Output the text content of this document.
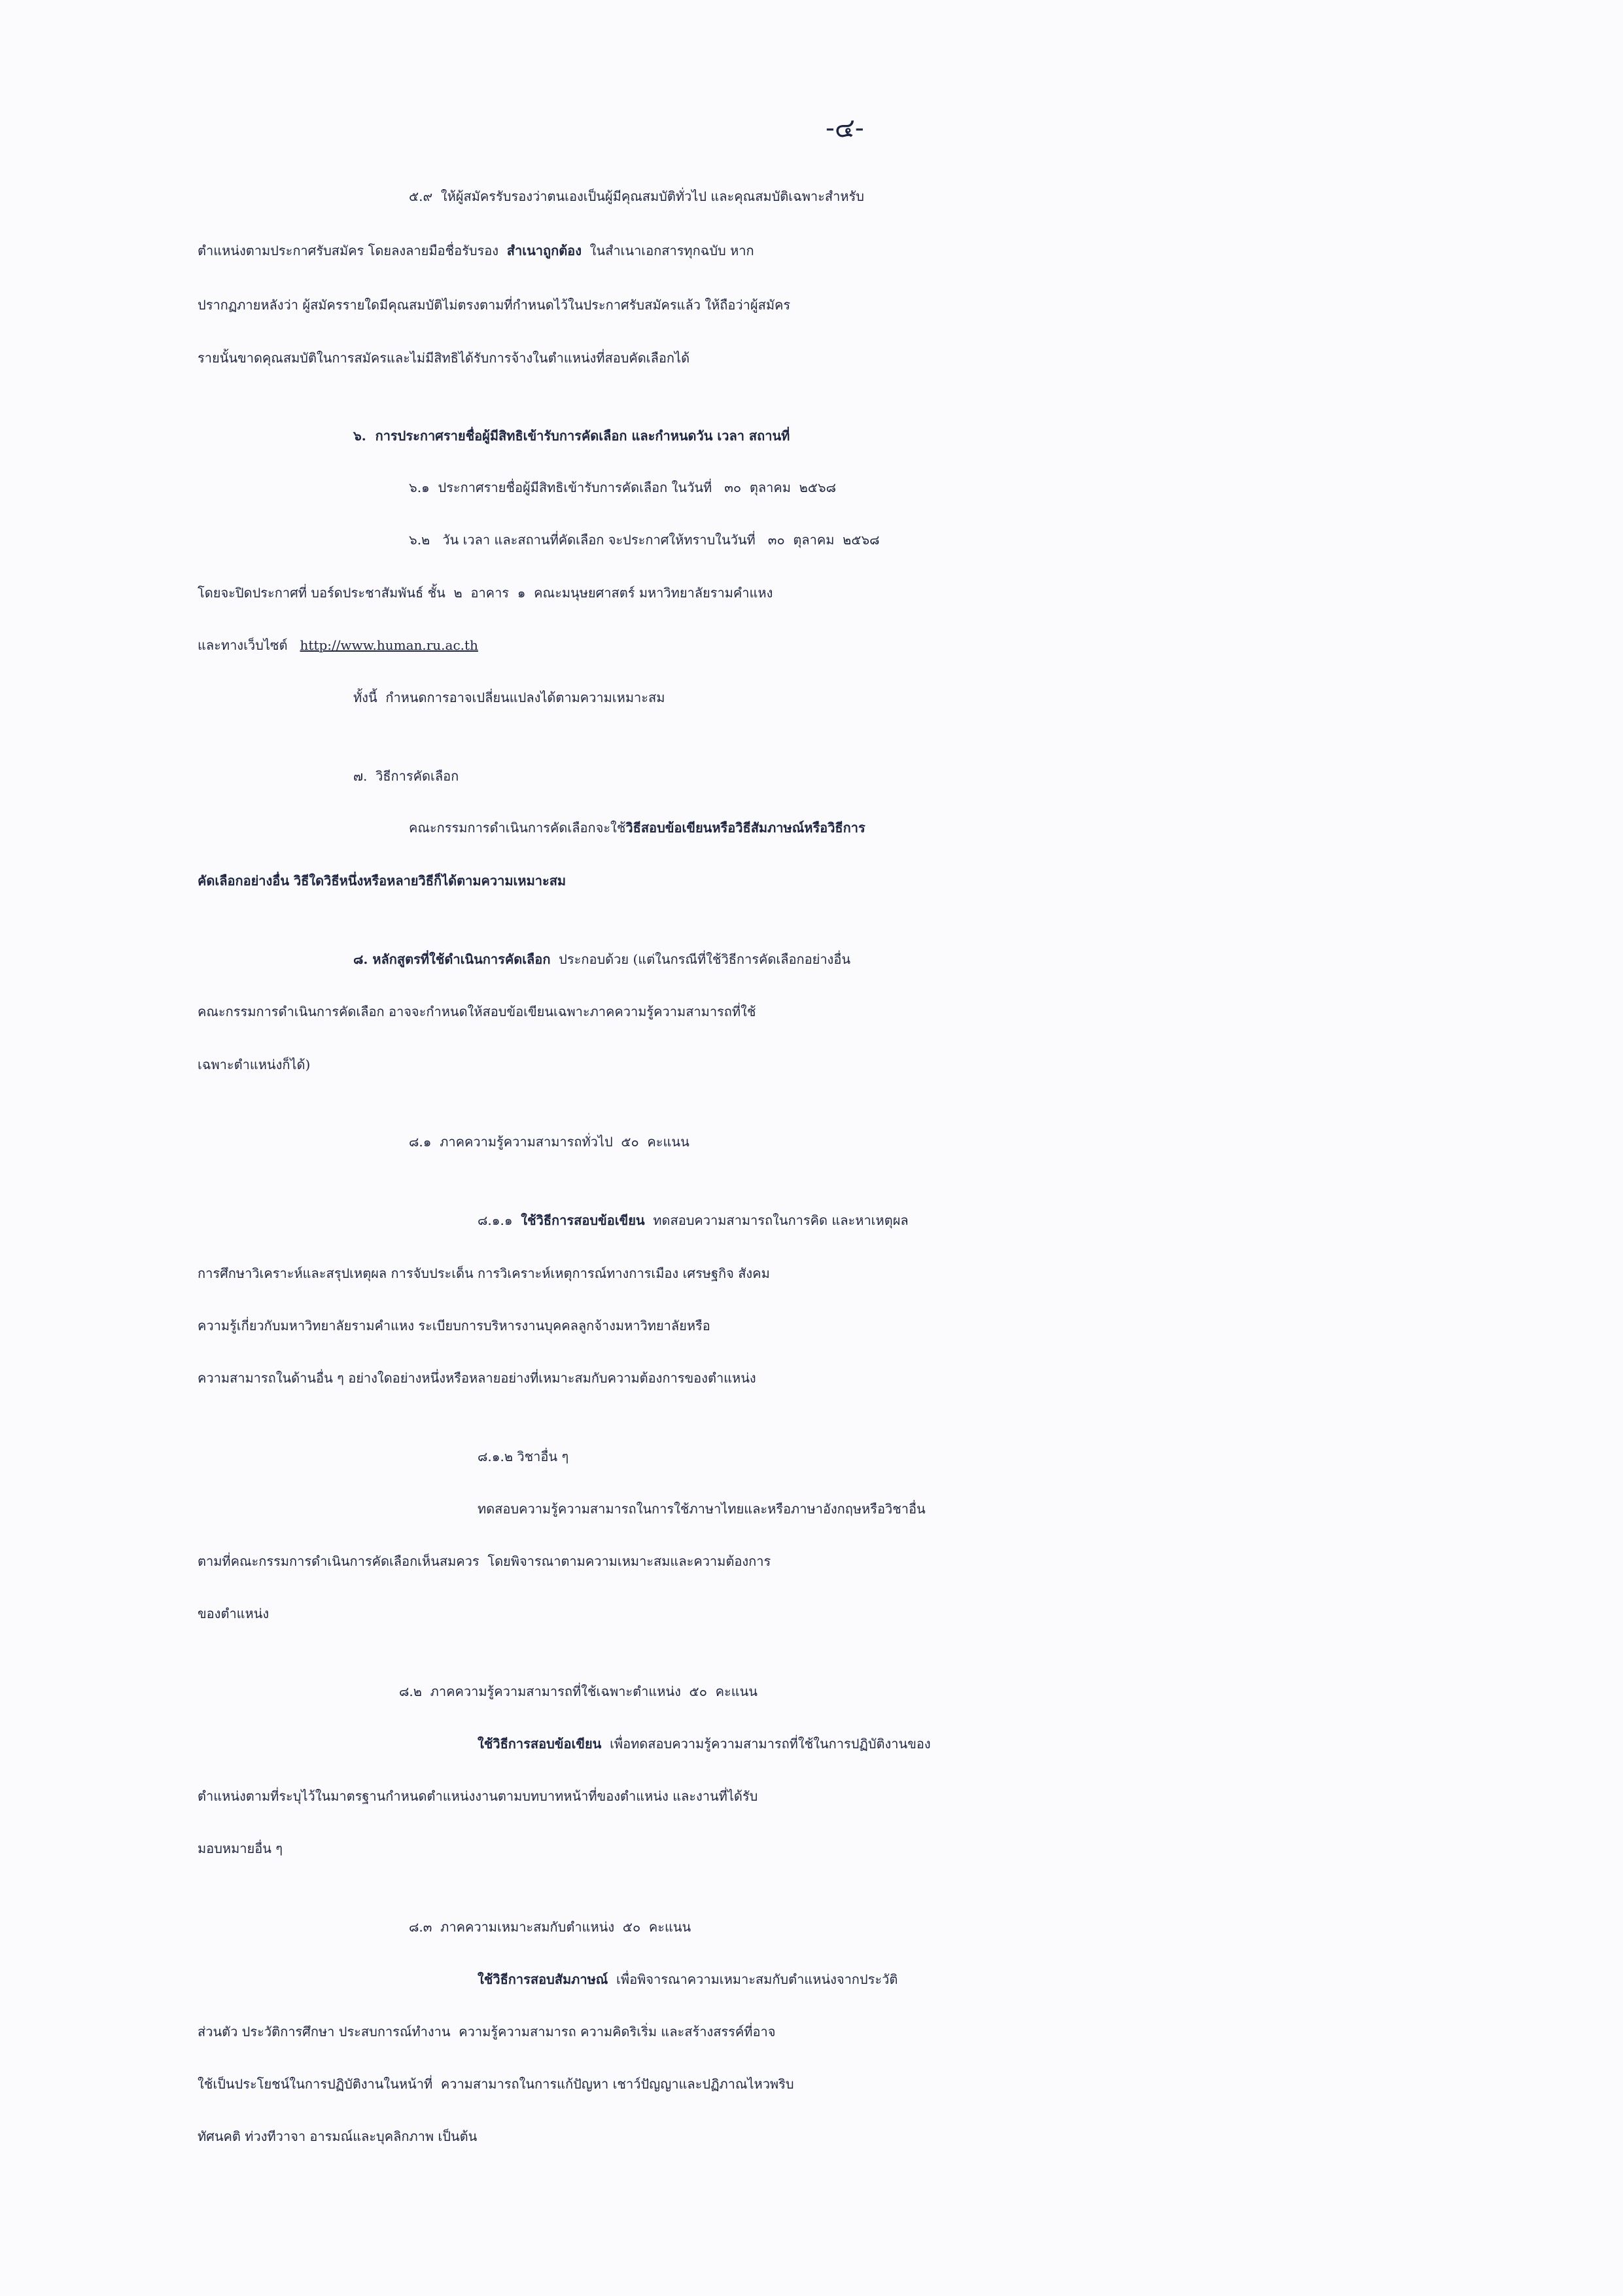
-๔-
๕.๙  ให้ผู้สมัครรับรองว่าตนเองเป็นผู้มีคุณสมบัติทั่วไป และคุณสมบัติเฉพาะสำหรับ
ตำแหน่งตามประกาศรับสมัคร โดยลงลายมือชื่อรับรอง  สำเนาถูกต้อง  ในสำเนาเอกสารทุกฉบับ หาก
ปรากฏภายหลังว่า ผู้สมัครรายใดมีคุณสมบัติไม่ตรงตามที่กำหนดไว้ในประกาศรับสมัครแล้ว ให้ถือว่าผู้สมัคร
รายนั้นขาดคุณสมบัติในการสมัครและไม่มีสิทธิได้รับการจ้างในตำแหน่งที่สอบคัดเลือกได้
๖.  การประกาศรายชื่อผู้มีสิทธิเข้ารับการคัดเลือก และกำหนดวัน เวลา สถานที่
๖.๑  ประกาศรายชื่อผู้มีสิทธิเข้ารับการคัดเลือก ในวันที่   ๓๐  ตุลาคม  ๒๕๖๘
๖.๒   วัน เวลา และสถานที่คัดเลือก จะประกาศให้ทราบในวันที่   ๓๐  ตุลาคม  ๒๕๖๘
โดยจะปิดประกาศที่ บอร์ดประชาสัมพันธ์ ชั้น  ๒  อาคาร  ๑  คณะมนุษยศาสตร์ มหาวิทยาลัยรามคำแหง
และทางเว็บไซต์   http://www.human.ru.ac.th
ทั้งนี้  กำหนดการอาจเปลี่ยนแปลงได้ตามความเหมาะสม
๗.  วิธีการคัดเลือก
คณะกรรมการดำเนินการคัดเลือกจะใช้วิธีสอบข้อเขียนหรือวิธีสัมภาษณ์หรือวิธีการ
คัดเลือกอย่างอื่น วิธีใดวิธีหนึ่งหรือหลายวิธีก็ได้ตามความเหมาะสม
๘. หลักสูตรที่ใช้ดำเนินการคัดเลือก  ประกอบด้วย (แต่ในกรณีที่ใช้วิธีการคัดเลือกอย่างอื่น
คณะกรรมการดำเนินการคัดเลือก อาจจะกำหนดให้สอบข้อเขียนเฉพาะภาคความรู้ความสามารถที่ใช้
เฉพาะตำแหน่งก็ได้)
๘.๑  ภาคความรู้ความสามารถทั่วไป  ๕๐  คะแนน
๘.๑.๑  ใช้วิธีการสอบข้อเขียน  ทดสอบความสามารถในการคิด และหาเหตุผล
การศึกษาวิเคราะห์และสรุปเหตุผล การจับประเด็น การวิเคราะห์เหตุการณ์ทางการเมือง เศรษฐกิจ สังคม
ความรู้เกี่ยวกับมหาวิทยาลัยรามคำแหง ระเบียบการบริหารงานบุคคลลูกจ้างมหาวิทยาลัยหรือ
ความสามารถในด้านอื่น ๆ อย่างใดอย่างหนึ่งหรือหลายอย่างที่เหมาะสมกับความต้องการของตำแหน่ง
๘.๑.๒ วิชาอื่น ๆ
ทดสอบความรู้ความสามารถในการใช้ภาษาไทยและหรือภาษาอังกฤษหรือวิชาอื่น
ตามที่คณะกรรมการดำเนินการคัดเลือกเห็นสมควร  โดยพิจารณาตามความเหมาะสมและความต้องการ
ของตำแหน่ง
๘.๒  ภาคความรู้ความสามารถที่ใช้เฉพาะตำแหน่ง  ๕๐  คะแนน
ใช้วิธีการสอบข้อเขียน  เพื่อทดสอบความรู้ความสามารถที่ใช้ในการปฏิบัติงานของ
ตำแหน่งตามที่ระบุไว้ในมาตรฐานกำหนดตำแหน่งงานตามบทบาทหน้าที่ของตำแหน่ง และงานที่ได้รับ
มอบหมายอื่น ๆ
๘.๓  ภาคความเหมาะสมกับตำแหน่ง  ๕๐  คะแนน
ใช้วิธีการสอบสัมภาษณ์  เพื่อพิจารณาความเหมาะสมกับตำแหน่งจากประวัติ
ส่วนตัว ประวัติการศึกษา ประสบการณ์ทำงาน  ความรู้ความสามารถ ความคิดริเริ่ม และสร้างสรรค์ที่อาจ
ใช้เป็นประโยชน์ในการปฏิบัติงานในหน้าที่  ความสามารถในการแก้ปัญหา เชาว์ปัญญาและปฏิภาณไหวพริบ
ทัศนคติ ท่วงทีวาจา อารมณ์และบุคลิกภาพ เป็นต้น
